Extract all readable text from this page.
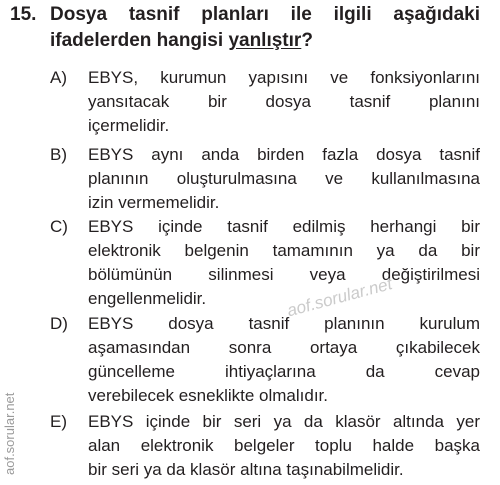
15. Dosya tasnif planları ile ilgili aşağıdaki
ifadelerden hangisi yanlıştır?
A) EBYS, kurumun yapısını ve fonksiyonlarını
yansıtacak bir dosya tasnif planını
içermelidir.
B) EBYS aynı anda birden fazla dosya tasnif
planının oluşturulmasına ve kullanılmasına
izin vermemelidir.
C) EBYS içinde tasnif edilmiş herhangi bir
elektronik belgenin tamamının ya da bir
bölümünün silinmesi veya değiştirilmesi
engellenmelidir.
D) EBYS dosya tasnif planının kurulum
aşamasından sonra ortaya çıkabilecek
güncelleme ihtiyaçlarına da cevap
verebilecek esneklikte olmalıdır.
E) EBYS içinde bir seri ya da klasör altında yer
alan elektronik belgeler toplu halde başka
bir seri ya da klasör altına taşınabilmelidir.
aof.sorular.net
aof.sorular.net
